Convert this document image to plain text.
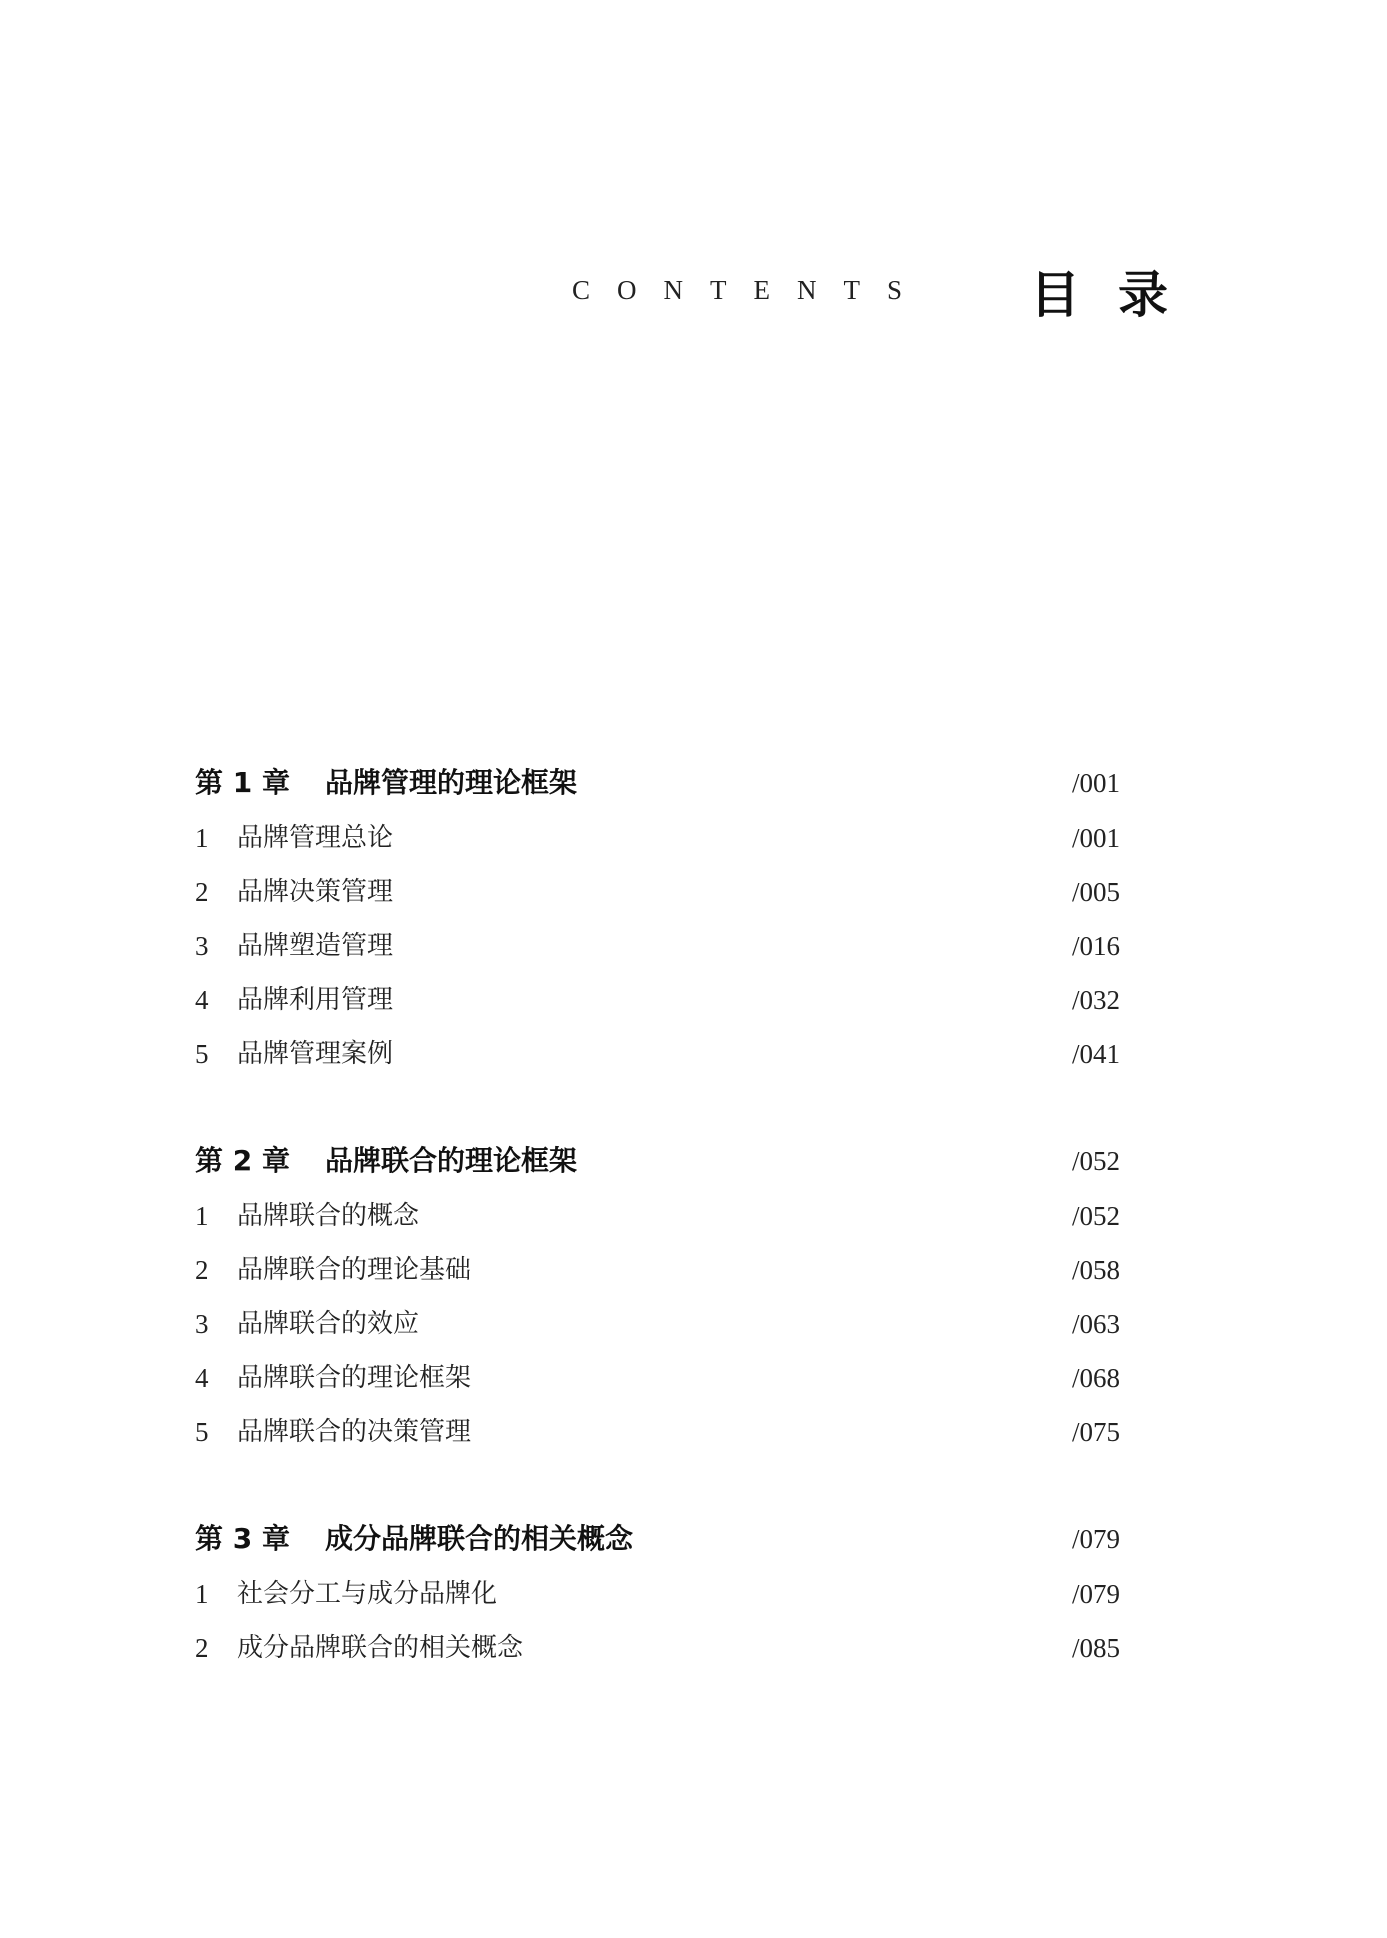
CONTENTS 目录
第 1 章 品牌管理的理论框架	/001
1 品牌管理总论	/001
2 品牌决策管理	/005
3 品牌塑造管理	/016
4 品牌利用管理	/032
5 品牌管理案例	/041
第 2 章 品牌联合的理论框架	/052
1 品牌联合的概念	/052
2 品牌联合的理论基础	/058
3 品牌联合的效应	/063
4 品牌联合的理论框架	/068
5 品牌联合的决策管理	/075
第 3 章 成分品牌联合的相关概念	/079
1 社会分工与成分品牌化	/079
2 成分品牌联合的相关概念	/085
